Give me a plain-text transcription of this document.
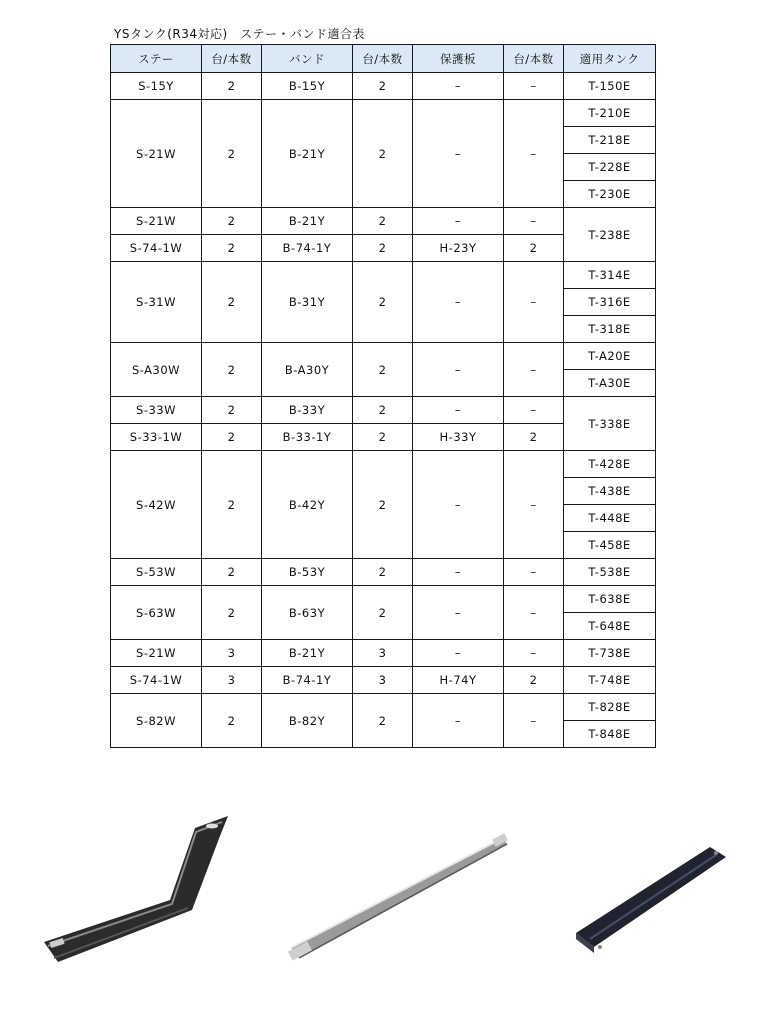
YSタンク(R34対応)　ステー・バンド適合表
ステー	台/本数	バンド	台/本数	保護板	台/本数	適用タンク
S-15Y	2	B-15Y	2	–	–	T-150E
S-21W	2	B-21Y	2	–	–	T-210E
						T-218E
						T-228E
						T-230E
S-21W	2	B-21Y	2	–	–	T-238E
S-74-1W	2	B-74-1Y	2	H-23Y	2	
S-31W	2	B-31Y	2	–	–	T-314E
						T-316E
						T-318E
S-A30W	2	B-A30Y	2	–	–	T-A20E
						T-A30E
S-33W	2	B-33Y	2	–	–	T-338E
S-33-1W	2	B-33-1Y	2	H-33Y	2	
S-42W	2	B-42Y	2	–	–	T-428E
						T-438E
						T-448E
						T-458E
S-53W	2	B-53Y	2	–	–	T-538E
S-63W	2	B-63Y	2	–	–	T-638E
						T-648E
S-21W	3	B-21Y	3	–	–	T-738E
S-74-1W	3	B-74-1Y	3	H-74Y	2	T-748E
S-82W	2	B-82Y	2	–	–	T-828E
						T-848E
